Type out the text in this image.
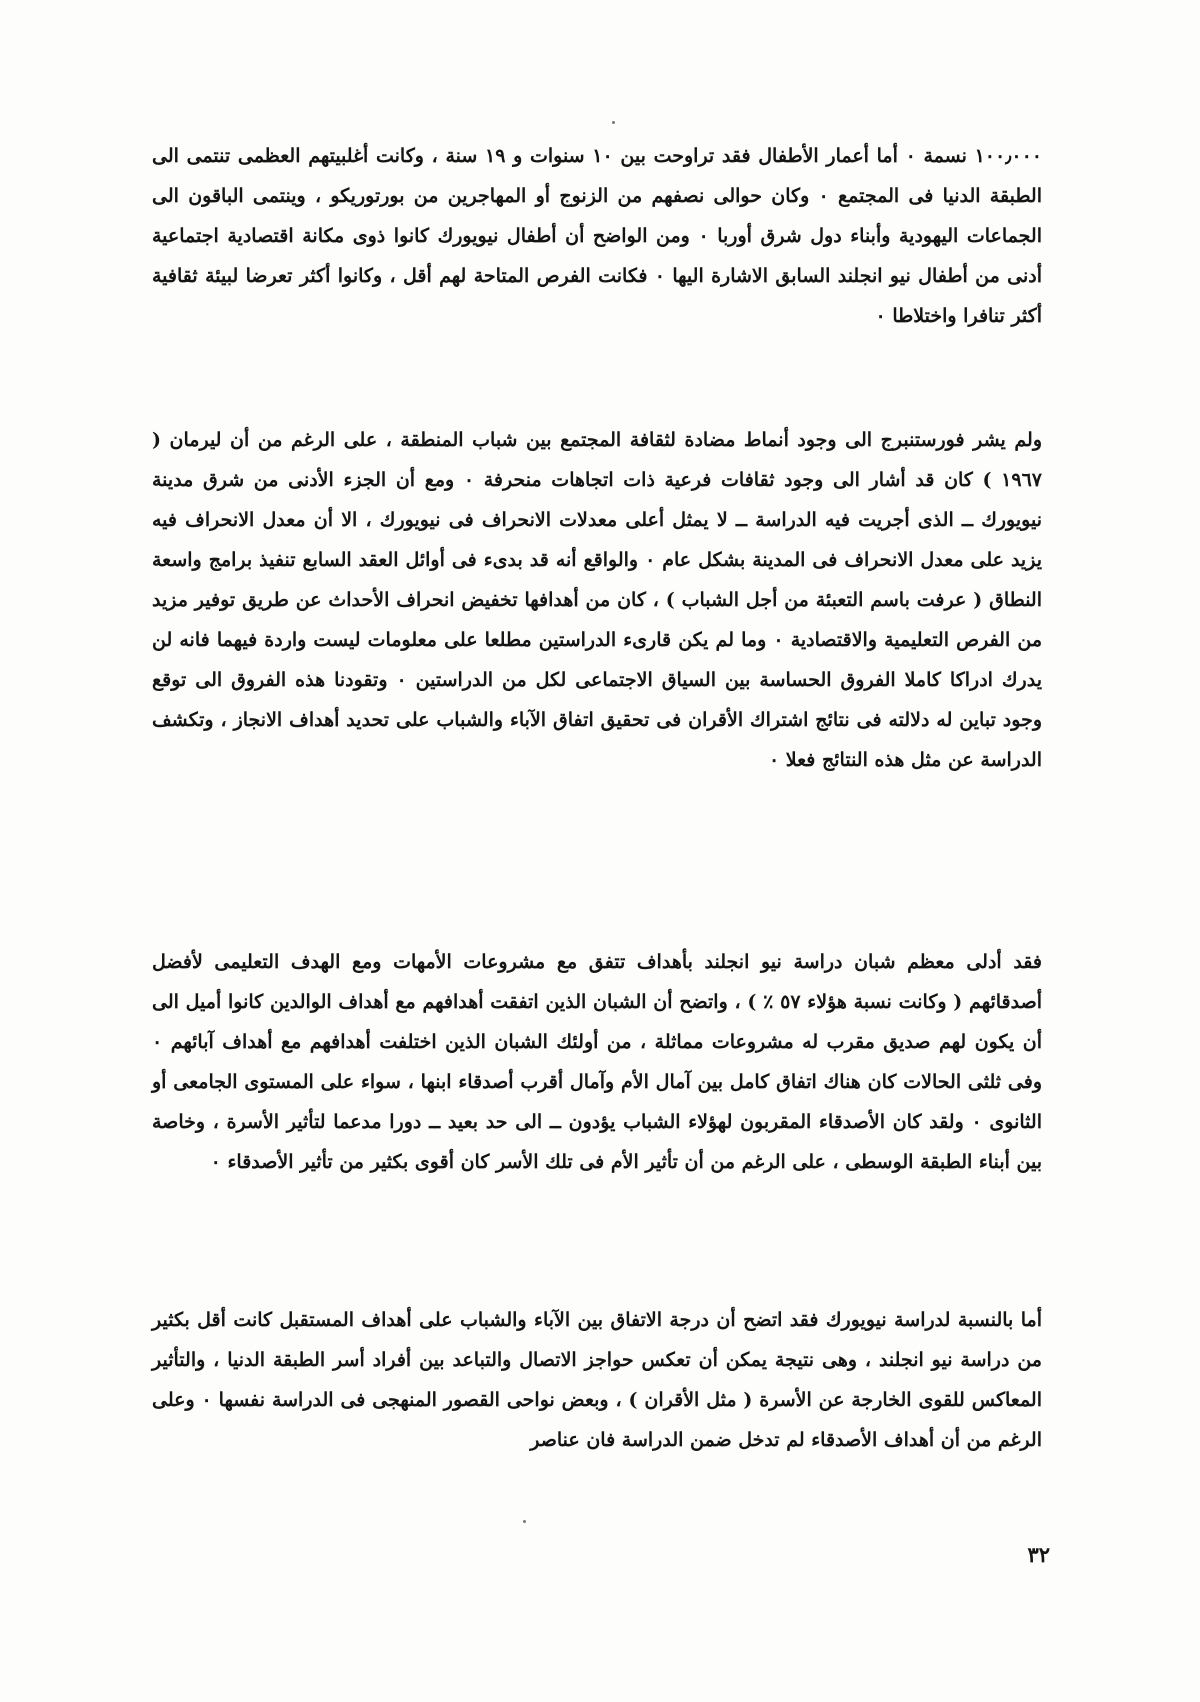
١٠٠٫٠٠٠ نسمة ٠ أما أعمار الأطفال فقد تراوحت بين ١٠ سنوات و ١٩ سنة ، وكانت أغلبيتهم العظمى تنتمى الى الطبقة الدنيا فى المجتمع ٠ وكان حوالى نصفهم من الزنوج أو المهاجرين من بورتوريكو ، وينتمى الباقون الى الجماعات اليهودية وأبناء دول شرق أوربا ٠ ومن الواضح أن أطفال نيويورك كانوا ذوى مكانة اقتصادية اجتماعية أدنى من أطفال نيو انجلند السابق الاشارة اليها ٠ فكانت الفرص المتاحة لهم أقل ، وكانوا أكثر تعرضا لبيئة ثقافية أكثر تنافرا واختلاطا ٠

ولم يشر فورستنبرج الى وجود أنماط مضادة لثقافة المجتمع بين شباب المنطقة ، على الرغم من أن ليرمان ( ١٩٦٧ ) كان قد أشار الى وجود ثقافات فرعية ذات اتجاهات منحرفة ٠ ومع أن الجزء الأدنى من شرق مدينة نيويورك ــ الذى أجريت فيه الدراسة ــ لا يمثل أعلى معدلات الانحراف فى نيويورك ، الا أن معدل الانحراف فيه يزيد على معدل الانحراف فى المدينة بشكل عام ٠ والواقع أنه قد بدىء فى أوائل العقد السابع تنفيذ برامج واسعة النطاق ( عرفت باسم التعبئة من أجل الشباب ) ، كان من أهدافها تخفيض انحراف الأحداث عن طريق توفير مزيد من الفرص التعليمية والاقتصادية ٠ وما لم يكن قارىء الدراستين مطلعا على معلومات ليست واردة فيهما فانه لن يدرك ادراكا كاملا الفروق الحساسة بين السياق الاجتماعى لكل من الدراستين ٠ وتقودنا هذه الفروق الى توقع وجود تباين له دلالته فى نتائج اشتراك الأقران فى تحقيق اتفاق الآباء والشباب على تحديد أهداف الانجاز ، وتكشف الدراسة عن مثل هذه النتائج فعلا ٠

فقد أدلى معظم شبان دراسة نيو انجلند بأهداف تتفق مع مشروعات الأمهات ومع الهدف التعليمى لأفضل أصدقائهم ( وكانت نسبة هؤلاء ٥٧ ٪ ) ، واتضح أن الشبان الذين اتفقت أهدافهم مع أهداف الوالدين كانوا أميل الى أن يكون لهم صديق مقرب له مشروعات مماثلة ، من أولئك الشبان الذين اختلفت أهدافهم مع أهداف آبائهم ٠ وفى ثلثى الحالات كان هناك اتفاق كامل بين آمال الأم وآمال أقرب أصدقاء ابنها ، سواء على المستوى الجامعى أو الثانوى ٠ ولقد كان الأصدقاء المقربون لهؤلاء الشباب يؤدون ــ الى حد بعيد ــ دورا مدعما لتأثير الأسرة ، وخاصة بين أبناء الطبقة الوسطى ، على الرغم من أن تأثير الأم فى تلك الأسر كان أقوى بكثير من تأثير الأصدقاء ٠

أما بالنسبة لدراسة نيويورك فقد اتضح أن درجة الاتفاق بين الآباء والشباب على أهداف المستقبل كانت أقل بكثير من دراسة نيو انجلند ، وهى نتيجة يمكن أن تعكس حواجز الاتصال والتباعد بين أفراد أسر الطبقة الدنيا ، والتأثير المعاكس للقوى الخارجة عن الأسرة ( مثل الأقران ) ، وبعض نواحى القصور المنهجى فى الدراسة نفسها ٠ وعلى الرغم من أن أهداف الأصدقاء لم تدخل ضمن الدراسة فان عناصر

٣٢
